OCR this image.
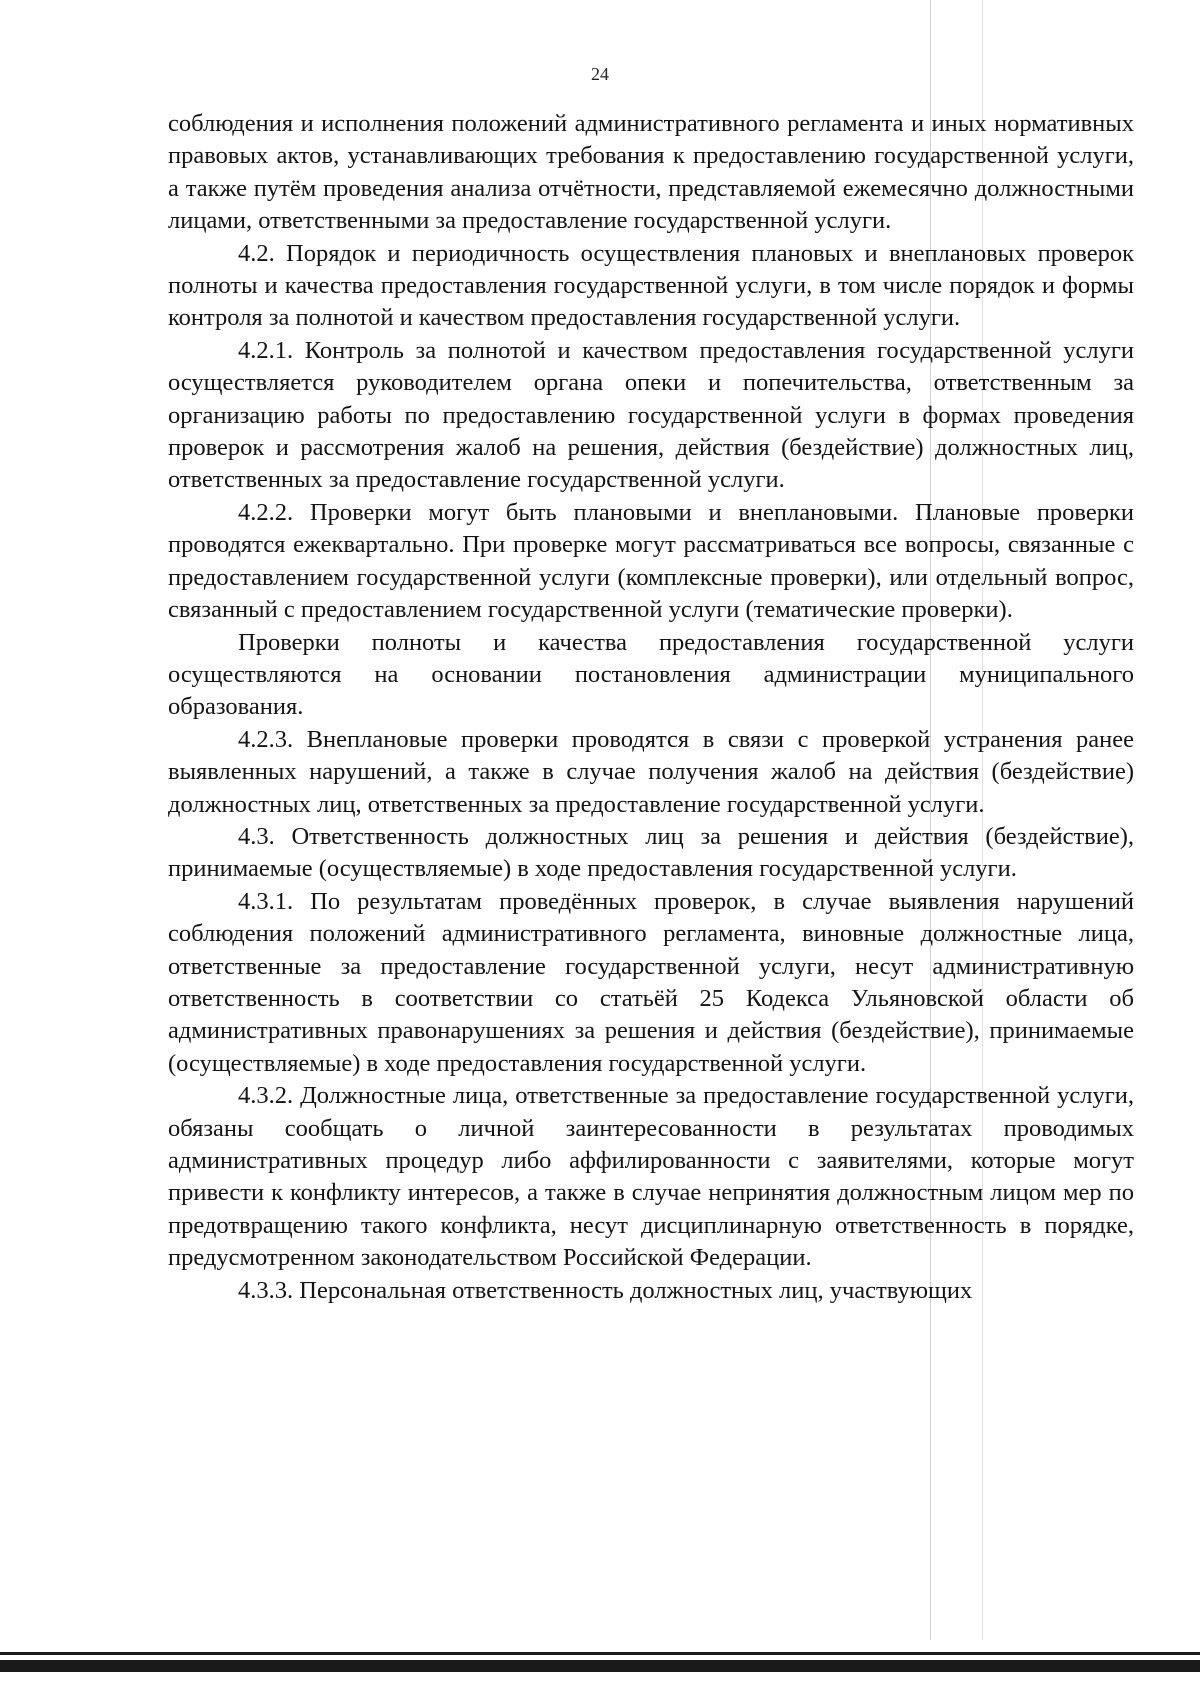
24

соблюдения и исполнения положений административного регламента и иных нормативных правовых актов, устанавливающих требования к предоставлению государственной услуги, а также путём проведения анализа отчётности, представляемой ежемесячно должностными лицами, ответственными за предоставление государственной услуги.

4.2. Порядок и периодичность осуществления плановых и внеплановых проверок полноты и качества предоставления государственной услуги, в том числе порядок и формы контроля за полнотой и качеством предоставления государственной услуги.

4.2.1. Контроль за полнотой и качеством предоставления государственной услуги осуществляется руководителем органа опеки и попечительства, ответственным за организацию работы по предоставлению государственной услуги в формах проведения проверок и рассмотрения жалоб на решения, действия (бездействие) должностных лиц, ответственных за предоставление государственной услуги.

4.2.2. Проверки могут быть плановыми и внеплановыми. Плановые проверки проводятся ежеквартально. При проверке могут рассматриваться все вопросы, связанные с предоставлением государственной услуги (комплексные проверки), или отдельный вопрос, связанный с предоставлением государственной услуги (тематические проверки).

Проверки полноты и качества предоставления государственной услуги осуществляются на основании постановления администрации муниципального образования.

4.2.3. Внеплановые проверки проводятся в связи с проверкой устранения ранее выявленных нарушений, а также в случае получения жалоб на действия (бездействие) должностных лиц, ответственных за предоставление государственной услуги.

4.3. Ответственность должностных лиц за решения и действия (бездействие), принимаемые (осуществляемые) в ходе предоставления государственной услуги.

4.3.1. По результатам проведённых проверок, в случае выявления нарушений соблюдения положений административного регламента, виновные должностные лица, ответственные за предоставление государственной услуги, несут административную ответственность в соответствии со статьёй 25 Кодекса Ульяновской области об административных правонарушениях за решения и действия (бездействие), принимаемые (осуществляемые) в ходе предоставления государственной услуги.

4.3.2. Должностные лица, ответственные за предоставление государственной услуги, обязаны сообщать о личной заинтересованности в результатах проводимых административных процедур либо аффилированности с заявителями, которые могут привести к конфликту интересов, а также в случае непринятия должностным лицом мер по предотвращению такого конфликта, несут дисциплинарную ответственность в порядке, предусмотренном законодательством Российской Федерации.

4.3.3. Персональная ответственность должностных лиц, участвующих
